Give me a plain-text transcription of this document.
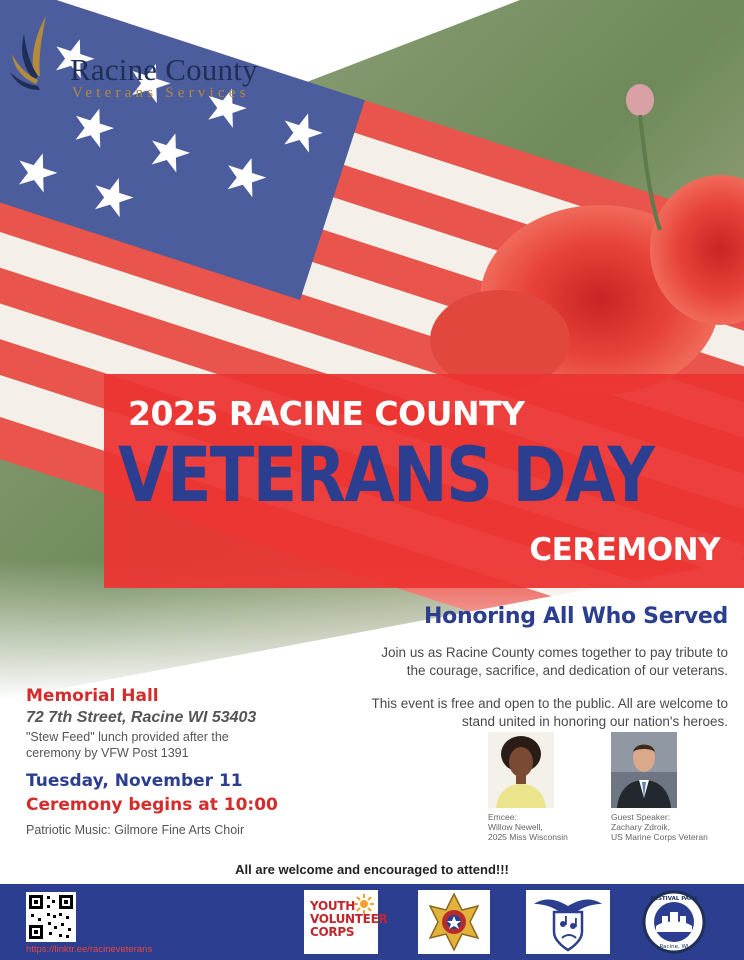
Racine County
Veterans Services
2025 RACINE COUNTY
VETERANS DAY
CEREMONY
Honoring All Who Served
Join us as Racine County comes together to pay tribute to
the courage, sacrifice, and dedication of our veterans.
This event is free and open to the public. All are welcome to
stand united in honoring our nation's heroes.
Memorial Hall
72 7th Street, Racine WI 53403
"Stew Feed" lunch provided after the
ceremony by VFW Post 1391
Tuesday, November 11
Ceremony begins at 10:00
Patriotic Music: Gilmore Fine Arts Choir
Emcee:
Willow Newell,
2025 Miss Wisconsin
Guest Speaker:
Zachary Zdroik,
US Marine Corps Veteran
All are welcome and encouraged to attend!!!
https://linktr.ee/racineveterans
YOUTH
VOLUNTEER
CORPS
FESTIVAL PARK
Racine, WI
